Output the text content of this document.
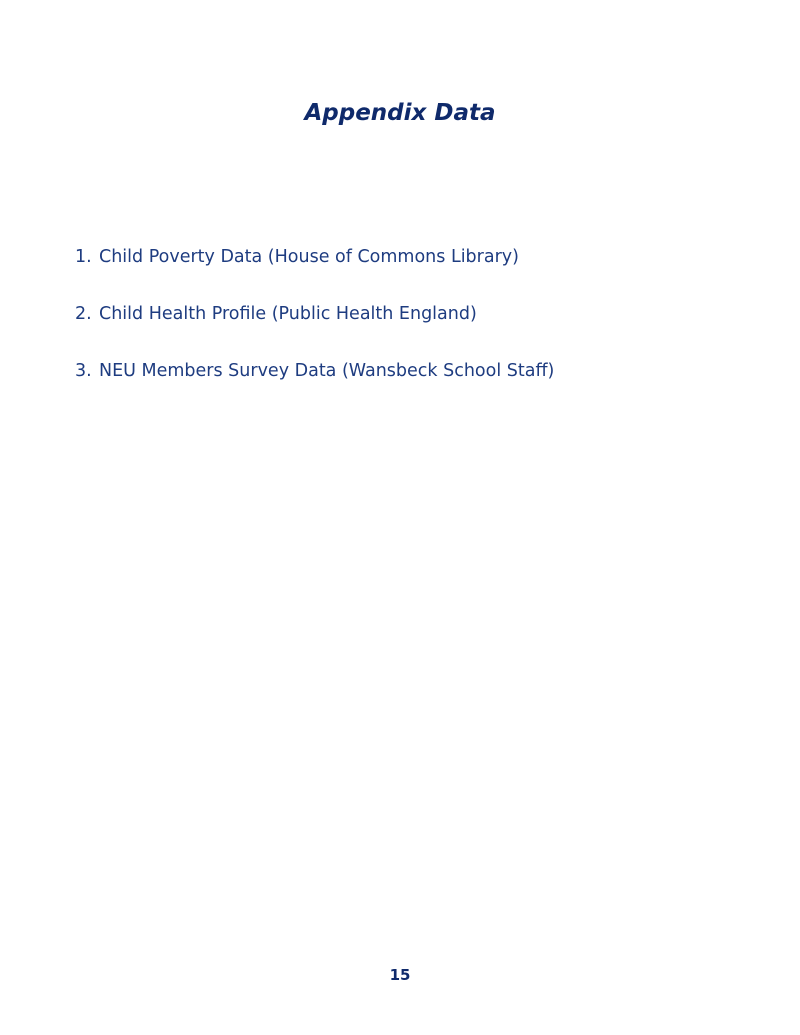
Appendix Data
1. Child Poverty Data (House of Commons Library)
2. Child Health Profile (Public Health England)
3. NEU Members Survey Data (Wansbeck School Staff)
15
